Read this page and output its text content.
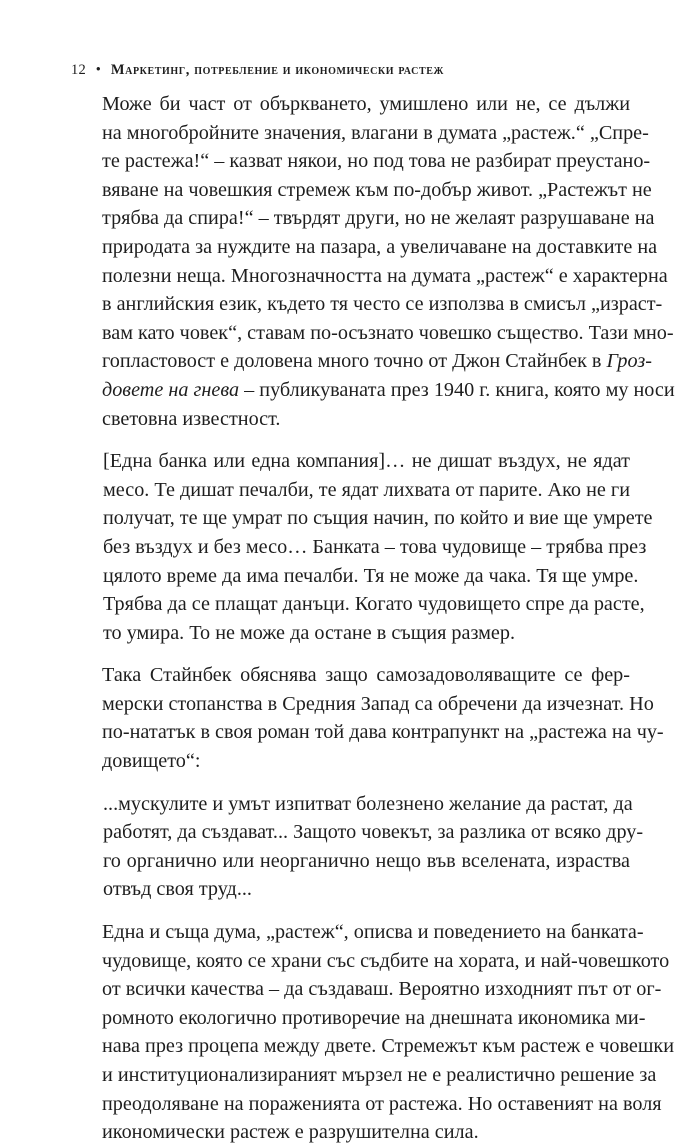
12 • Маркетинг, потребление и икономически растеж

Може би част от объркването, умишлено или не, се дължи
на многобройните значения, влагани в думата „растеж.“ „Спре-
те растежа!“ – казват някои, но под това не разбират преустано-
вяване на човешкия стремеж към по-добър живот. „Растежът не
трябва да спира!“ – твърдят други, но не желаят разрушаване на
природата за нуждите на пазара, а увеличаване на доставките на
полезни неща. Многозначността на думата „растеж“ е характерна
в английския език, където тя често се използва в смисъл „израст-
вам като човек“, ставам по-осъзнато човешко същество. Тази мно-
гопластовост е доловена много точно от Джон Стайнбек в Гроз-
довете на гнева – публикуваната през 1940 г. книга, която му носи
световна известност.

[Една банка или една компания]… не дишат въздух, не ядат
месо. Те дишат печалби, те ядат лихвата от парите. Ако не ги
получат, те ще умрат по същия начин, по който и вие ще умрете
без въздух и без месо… Банката – това чудовище – трябва през
цялото време да има печалби. Тя не може да чака. Тя ще умре.
Трябва да се плащат данъци. Когато чудовището спре да расте,
то умира. То не може да остане в същия размер.

Така Стайнбек обяснява защо самозадоволяващите се фер-
мерски стопанства в Средния Запад са обречени да изчезнат. Но
по-нататък в своя роман той дава контрапункт на „растежа на чу-
довището“:

...мускулите и умът изпитват болезнено желание да растат, да
работят, да създават... Защото човекът, за разлика от всяко дру-
го органично или неорганично нещо във вселената, израства
отвъд своя труд...

Една и съща дума, „растеж“, описва и поведението на банката-
чудовище, която се храни със съдбите на хората, и най-човешкото
от всички качества – да създаваш. Вероятно изходният път от ог-
ромното екологично противоречие на днешната икономика ми-
нава през процепа между двете. Стремежът към растеж е човешки
и институционализираният мързел не е реалистично решение за
преодоляване на пораженията от растежа. Но оставеният на воля
икономически растеж е разрушителна сила.
